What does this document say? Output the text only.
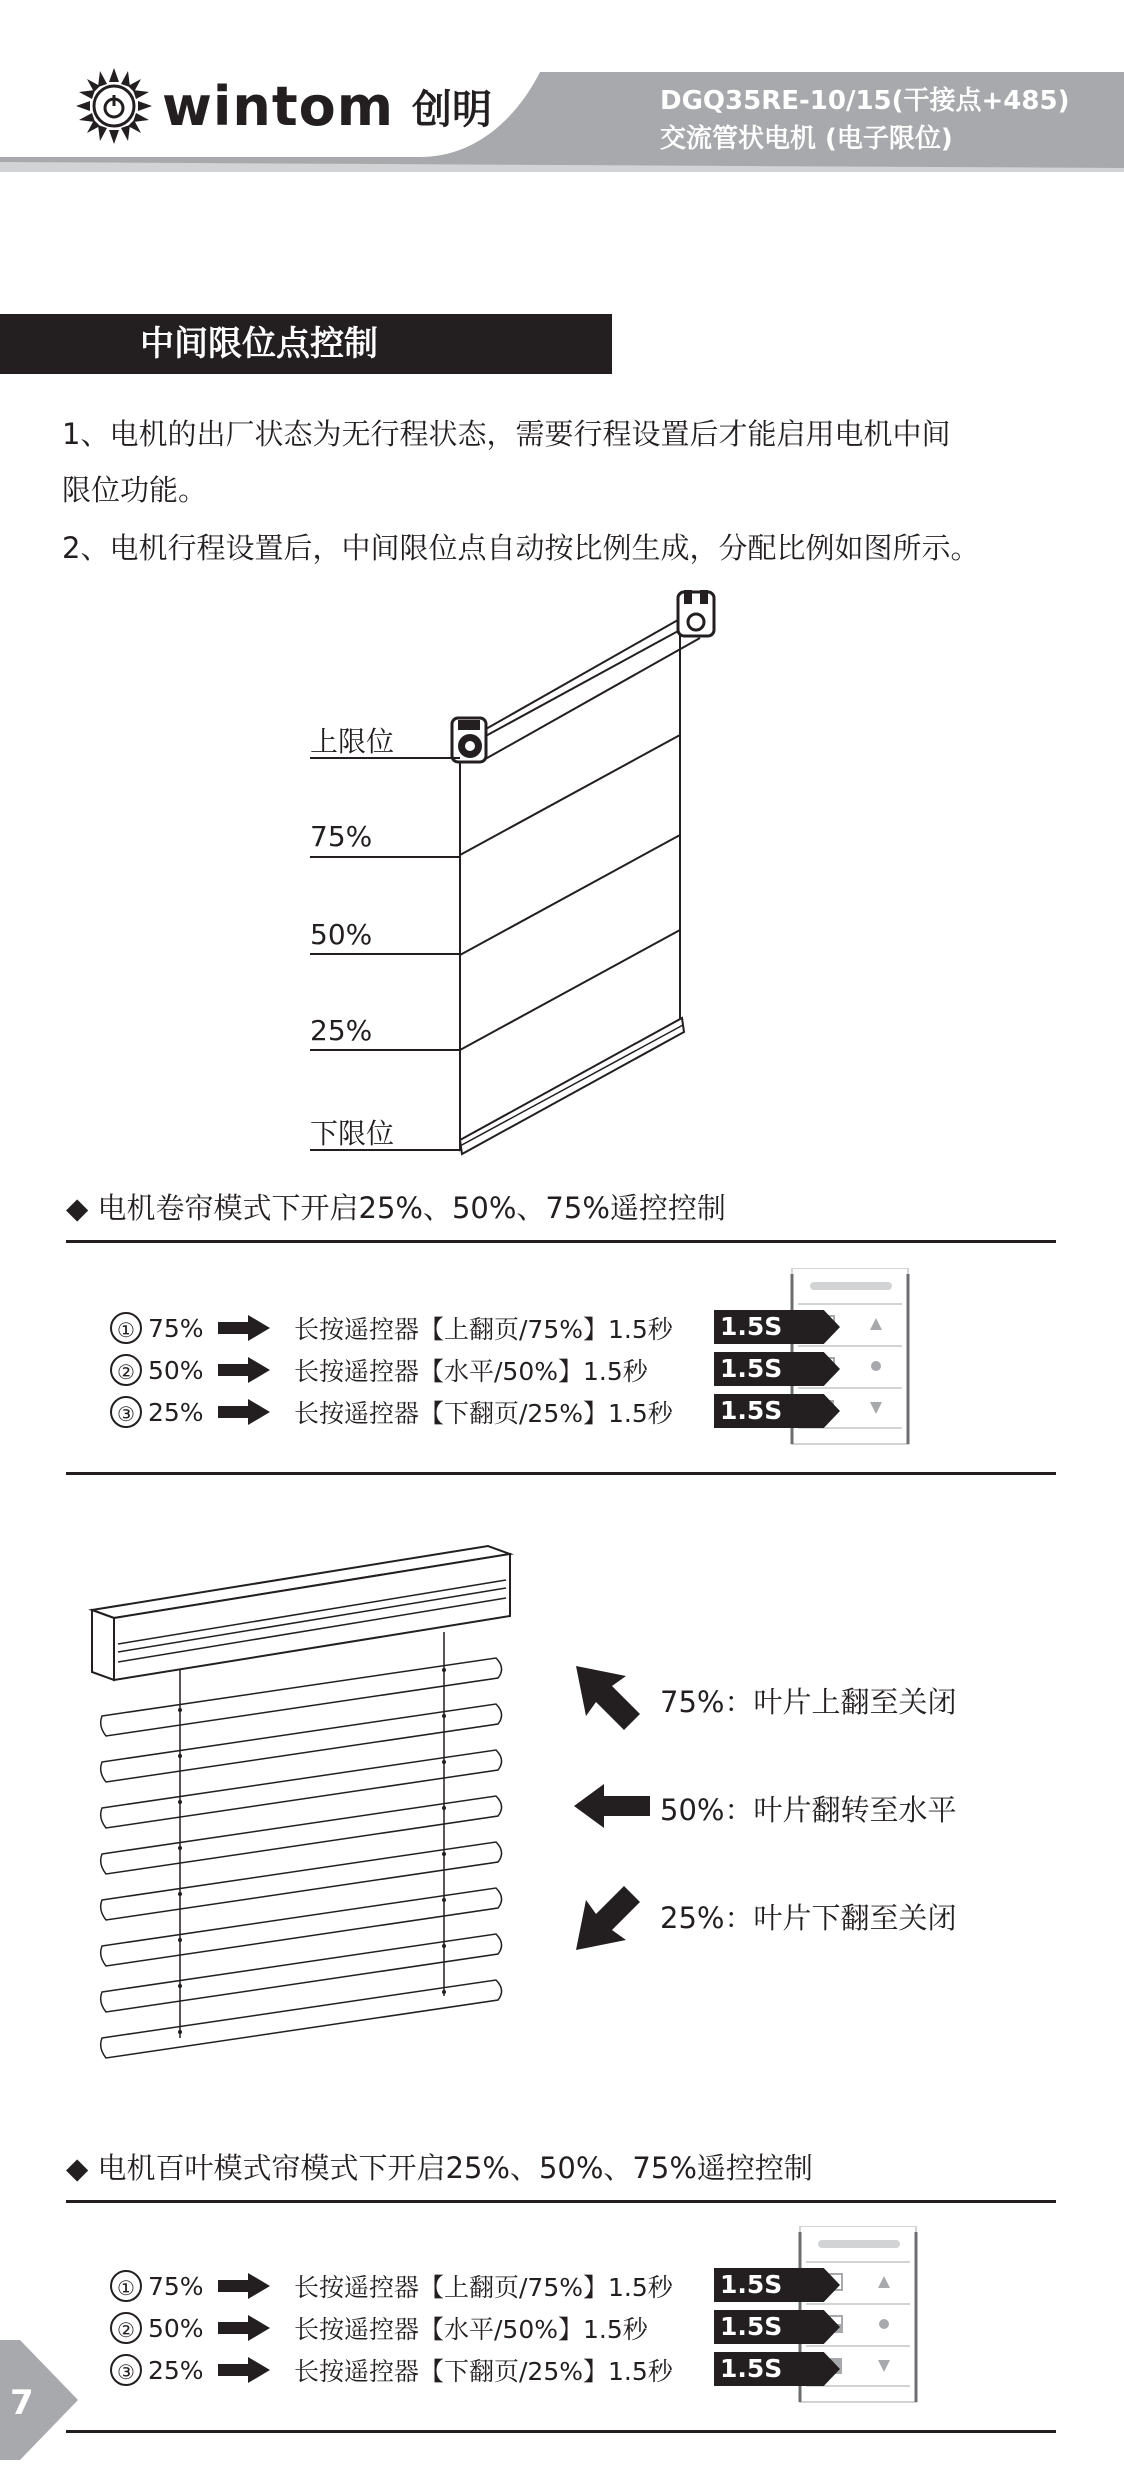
wintom 创明	DGQ35RE-10/15(干接点+485)
交流管状电机 (电子限位)
中间限位点控制
1、电机的出厂状态为无行程状态，需要行程设置后才能启用电机中间
限位功能。
2、电机行程设置后，中间限位点自动按比例生成，分配比例如图所示。
上限位
75%
50%
25%
下限位
◆ 电机卷帘模式下开启25%、50%、75%遥控控制
① 75%	长按遥控器【上翻页/75%】1.5秒
② 50%	长按遥控器【水平/50%】1.5秒
③ 25%	长按遥控器【下翻页/25%】1.5秒
1.5S
1.5S
1.5S
75%：叶片上翻至关闭
50%：叶片翻转至水平
25%：叶片下翻至关闭
◆ 电机百叶模式帘模式下开启25%、50%、75%遥控控制
① 75%	长按遥控器【上翻页/75%】1.5秒
② 50%	长按遥控器【水平/50%】1.5秒
③ 25%	长按遥控器【下翻页/25%】1.5秒
1.5S
1.5S
1.5S
7
